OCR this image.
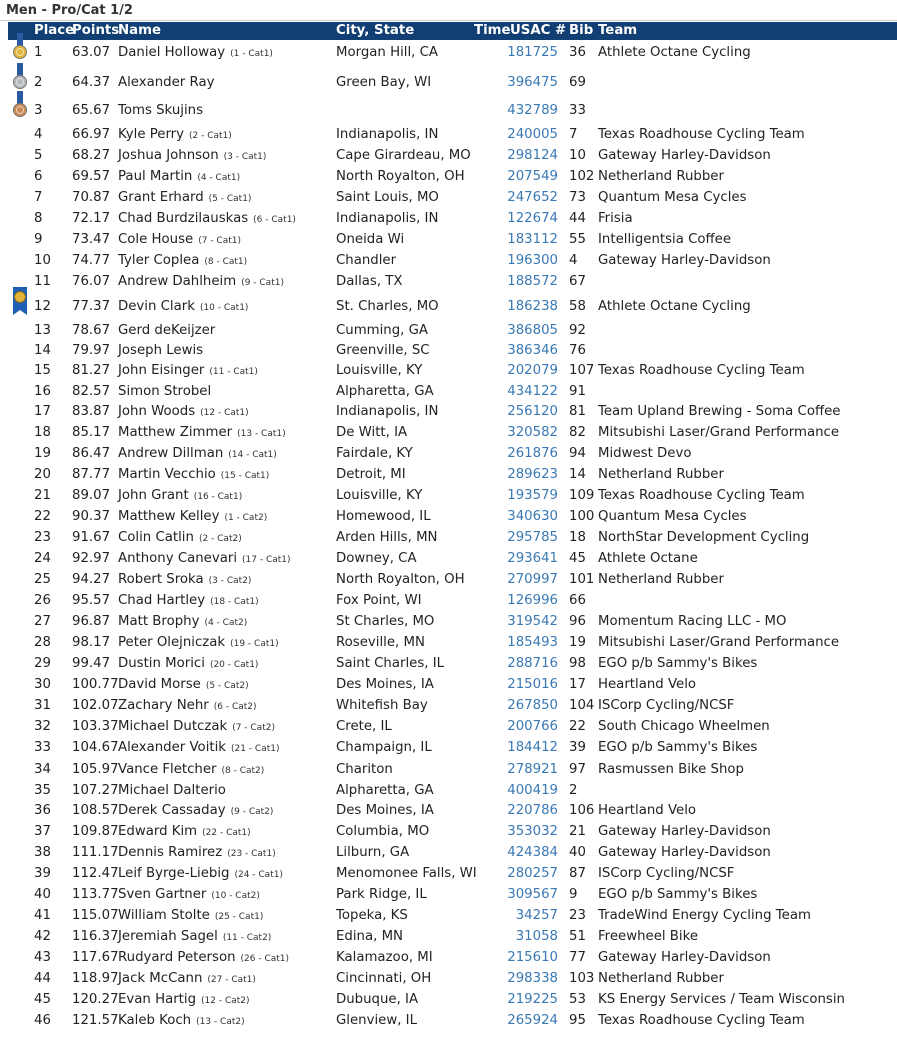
Men - Pro/Cat 1/2
Place
Points
Name	City, State	Time USAC # Bib Team
1 63.07 Daniel Holloway (1 - Cat1)	Morgan Hill, CA	181725 36 Athlete Octane Cycling
2 64.37 Alexander Ray	Green Bay, WI	396475 69
3 65.67 Toms Skujins	432789 33
4 66.97 Kyle Perry (2 - Cat1)	Indianapolis, IN	240005 7 Texas Roadhouse Cycling Team
5 68.27 Joshua Johnson (3 - Cat1)	Cape Girardeau, MO	298124 10 Gateway Harley-Davidson
6 69.57 Paul Martin (4 - Cat1)	North Royalton, OH	207549 102 Netherland Rubber
7 70.87 Grant Erhard (5 - Cat1)	Saint Louis, MO	247652 73 Quantum Mesa Cycles
8 72.17 Chad Burdzilauskas (6 - Cat1)	Indianapolis, IN	122674 44 Frisia
9 73.47 Cole House (7 - Cat1)	Oneida Wi	183112 55 Intelligentsia Coffee
10 74.77 Tyler Coplea (8 - Cat1)	Chandler	196300 4 Gateway Harley-Davidson
11 76.07 Andrew Dahlheim (9 - Cat1)	Dallas, TX	188572 67
12 77.37 Devin Clark (10 - Cat1)	St. Charles, MO	186238 58 Athlete Octane Cycling
13 78.67 Gerd deKeijzer	Cumming, GA	386805 92
14 79.97 Joseph Lewis	Greenville, SC	386346 76
15 81.27 John Eisinger (11 - Cat1)	Louisville, KY	202079 107 Texas Roadhouse Cycling Team
16 82.57 Simon Strobel	Alpharetta, GA	434122 91
17 83.87 John Woods (12 - Cat1)	Indianapolis, IN	256120 81 Team Upland Brewing - Soma Coffee
18 85.17 Matthew Zimmer (13 - Cat1)	De Witt, IA	320582 82 Mitsubishi Laser/Grand Performance
19 86.47 Andrew Dillman (14 - Cat1)	Fairdale, KY	261876 94 Midwest Devo
20 87.77 Martin Vecchio (15 - Cat1)	Detroit, MI	289623 14 Netherland Rubber
21 89.07 John Grant (16 - Cat1)	Louisville, KY	193579 109 Texas Roadhouse Cycling Team
22 90.37 Matthew Kelley (1 - Cat2)	Homewood, IL	340630 100 Quantum Mesa Cycles
23 91.67 Colin Catlin (2 - Cat2)	Arden Hills, MN	295785 18 NorthStar Development Cycling
24 92.97 Anthony Canevari (17 - Cat1)	Downey, CA	293641 45 Athlete Octane
25 94.27 Robert Sroka (3 - Cat2)	North Royalton, OH	270997 101 Netherland Rubber
26 95.57 Chad Hartley (18 - Cat1)	Fox Point, WI	126996 66
27 96.87 Matt Brophy (4 - Cat2)	St Charles, MO	319542 96 Momentum Racing LLC - MO
28 98.17 Peter Olejniczak (19 - Cat1)	Roseville, MN	185493 19 Mitsubishi Laser/Grand Performance
29 99.47 Dustin Morici (20 - Cat1)	Saint Charles, IL	288716 98 EGO p/b Sammy's Bikes
30 100.77 David Morse (5 - Cat2)	Des Moines, IA	215016 17 Heartland Velo
31 102.07 Zachary Nehr (6 - Cat2)	Whitefish Bay	267850 104 ISCorp Cycling/NCSF
32 103.37 Michael Dutczak (7 - Cat2)	Crete, IL	200766 22 South Chicago Wheelmen
33 104.67 Alexander Voitik (21 - Cat1)	Champaign, IL	184412 39 EGO p/b Sammy's Bikes
34 105.97 Vance Fletcher (8 - Cat2)	Chariton	278921 97 Rasmussen Bike Shop
35 107.27 Michael Dalterio	Alpharetta, GA	400419 2
36 108.57 Derek Cassaday (9 - Cat2)	Des Moines, IA	220786 106 Heartland Velo
37 109.87 Edward Kim (22 - Cat1)	Columbia, MO	353032 21 Gateway Harley-Davidson
38 111.17 Dennis Ramirez (23 - Cat1)	Lilburn, GA	424384 40 Gateway Harley-Davidson
39 112.47 Leif Byrge-Liebig (24 - Cat1)	Menomonee Falls, WI	280257 87 ISCorp Cycling/NCSF
40 113.77 Sven Gartner (10 - Cat2)	Park Ridge, IL	309567 9 EGO p/b Sammy's Bikes
41 115.07 William Stolte (25 - Cat1)	Topeka, KS	34257 23 TradeWind Energy Cycling Team
42 116.37 Jeremiah Sagel (11 - Cat2)	Edina, MN	31058 51 Freewheel Bike
43 117.67 Rudyard Peterson (26 - Cat1)	Kalamazoo, MI	215610 77 Gateway Harley-Davidson
44 118.97 Jack McCann (27 - Cat1)	Cincinnati, OH	298338 103 Netherland Rubber
45 120.27 Evan Hartig (12 - Cat2)	Dubuque, IA	219225 53 KS Energy Services / Team Wisconsin
46 121.57 Kaleb Koch (13 - Cat2)	Glenview, IL	265924 95 Texas Roadhouse Cycling Team
